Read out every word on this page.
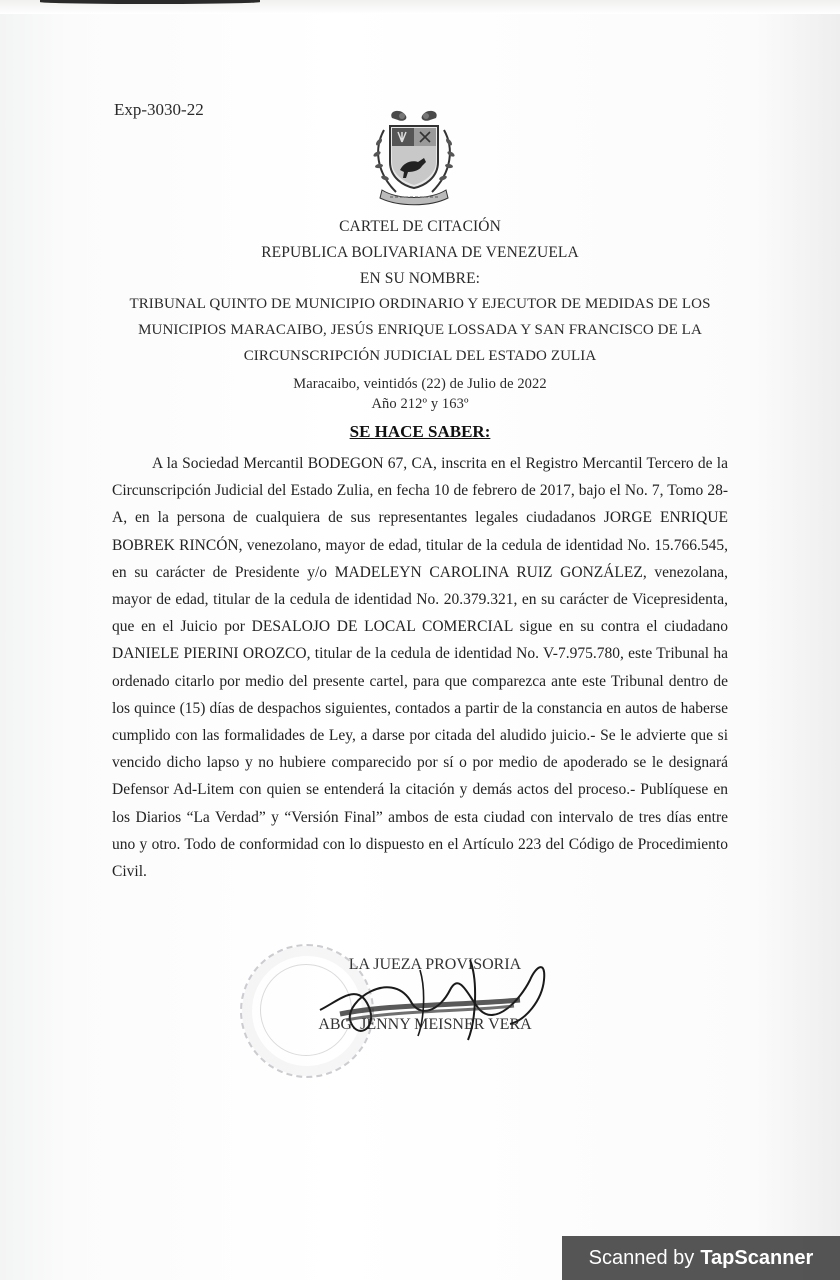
Exp-3030-22
CARTEL DE CITACIÓN
REPUBLICA BOLIVARIANA DE VENEZUELA
EN SU NOMBRE:
TRIBUNAL QUINTO DE MUNICIPIO ORDINARIO Y EJECUTOR DE MEDIDAS DE LOS
MUNICIPIOS MARACAIBO, JESÚS ENRIQUE LOSSADA Y SAN FRANCISCO DE LA
CIRCUNSCRIPCIÓN JUDICIAL DEL ESTADO ZULIA
Maracaibo, veintidós (22) de Julio de 2022
Año 212º y 163º
SE HACE SABER:

A la Sociedad Mercantil BODEGON 67, CA, inscrita en el Registro Mercantil Tercero de la Circunscripción Judicial del Estado Zulia, en fecha 10 de febrero de 2017, bajo el No. 7, Tomo 28-A, en la persona de cualquiera de sus representantes legales ciudadanos JORGE ENRIQUE BOBREK RINCÓN, venezolano, mayor de edad, titular de la cedula de identidad No. 15.766.545, en su carácter de Presidente y/o MADELEYN CAROLINA RUIZ GONZÁLEZ, venezolana, mayor de edad, titular de la cedula de identidad No. 20.379.321, en su carácter de Vicepresidenta, que en el Juicio por DESALOJO DE LOCAL COMERCIAL sigue en su contra el ciudadano DANIELE PIERINI OROZCO, titular de la cedula de identidad No. V-7.975.780, este Tribunal ha ordenado citarlo por medio del presente cartel, para que comparezca ante este Tribunal dentro de los quince (15) días de despachos siguientes, contados a partir de la constancia en autos de haberse cumplido con las formalidades de Ley, a darse por citada del aludido juicio.- Se le advierte que si vencido dicho lapso y no hubiere comparecido por sí o por medio de apoderado se le designará Defensor Ad-Litem con quien se entenderá la citación y demás actos del proceso.- Publíquese en los Diarios “La Verdad” y “Versión Final” ambos de esta ciudad con intervalo de tres días entre uno y otro. Todo de conformidad con lo dispuesto en el Artículo 223 del Código de Procedimiento Civil.

LA JUEZA PROVISORIA
ABG. JENNY MEISNER VERA
Scanned by TapScanner
